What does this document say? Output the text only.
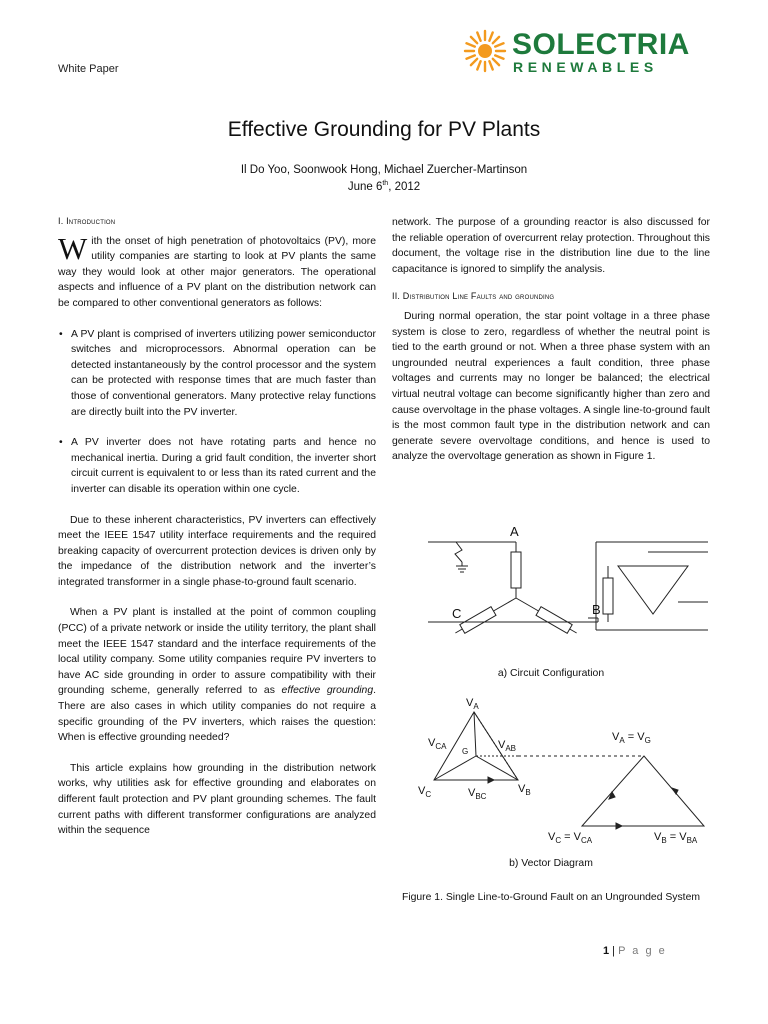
SOLECTRIA
RENEWABLES
White Paper
Effective Grounding for PV Plants
Il Do Yoo, Soonwook Hong, Michael Zuercher-Martinson
June 6th, 2012
I. Introduction

With the onset of high penetration of photovoltaics (PV), more utility companies are starting to look at PV plants the same way they would look at other major generators. The operational aspects and influence of a PV plant on the distribution network can be compared to other conventional generators as follows:

• A PV plant is comprised of inverters utilizing power semiconductor switches and microprocessors. Abnormal operation can be detected instantaneously by the control processor and the system can be protected with response times that are much faster than those of conventional generators. Many protective relay functions are directly built into the PV inverter.
• A PV inverter does not have rotating parts and hence no mechanical inertia. During a grid fault condition, the inverter short circuit current is equivalent to or less than its rated current and the inverter can disable its operation within one cycle.

Due to these inherent characteristics, PV inverters can effectively meet the IEEE 1547 utility interface requirements and the required breaking capacity of overcurrent protection devices is driven only by the impedance of the distribution network and the inverter’s integrated transformer in a single phase-to-ground fault scenario.

When a PV plant is installed at the point of common coupling (PCC) of a private network or inside the utility territory, the plant shall meet the IEEE 1547 standard and the interface requirements of the local utility company. Some utility companies require PV inverters to have AC side grounding in order to assure compatibility with their grounding scheme, generally referred to as effective grounding. There are also cases in which utility companies do not require a specific grounding of the PV inverters, which raises the question: When is effective grounding needed?

This article explains how grounding in the distribution network works, why utilities ask for effective grounding and elaborates on different fault protection and PV plant grounding schemes. The fault current paths with different transformer configurations are analyzed within the sequence

network. The purpose of a grounding reactor is also discussed for the reliable operation of overcurrent relay protection. Throughout this document, the voltage rise in the distribution line due to the line capacitance is ignored to simplify the analysis.

II. Distribution Line Faults and grounding

During normal operation, the star point voltage in a three phase system is close to zero, regardless of whether the neutral point is tied to the earth ground or not. When a three phase system with an ungrounded neutral experiences a fault condition, three phase voltages and currents may no longer be balanced; the electrical virtual neutral voltage can become significantly higher than zero and cause overvoltage in the phase voltages. A single line-to-ground fault is the most common fault type in the distribution network and can generate severe overvoltage conditions, and hence is used to analyze the overvoltage generation as shown in Figure 1.

A
C	B
a) Circuit Configuration
$V_A$
$V_{CA}$	$V_{AB}$
G
$V_C$	$V_{BC}$
$V_B$
$V_A = V_G$
$V_C = V_{CA}$	$V_B = V_{BA}$
b) Vector Diagram
Figure 1. Single Line-to-Ground Fault on an Ungrounded System
1 | P a g e
